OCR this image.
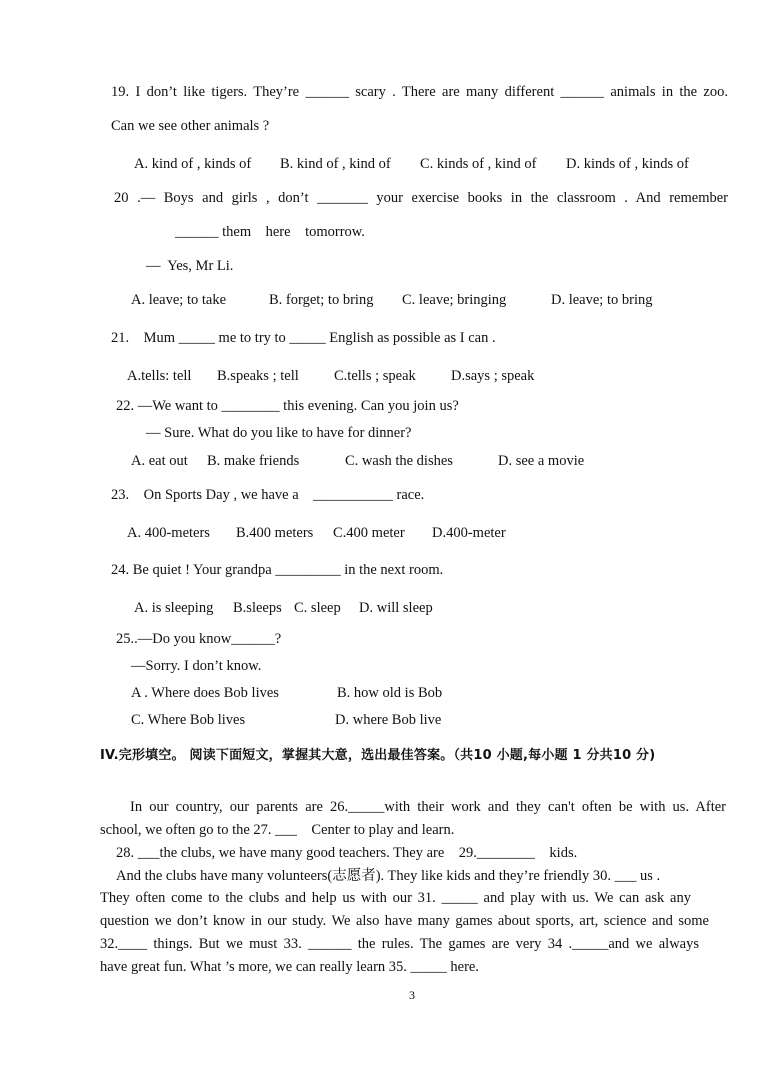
19. I don’t like tigers. They’re ______ scary . There are many different ______ animals in the zoo.
Can we see other animals ?
A. kind of , kinds of B. kind of , kind of C. kinds of , kind of D. kinds of , kinds of
20 .— Boys and girls , don’t _______ your exercise books in the classroom . And remember
______ them    here    tomorrow.
—  Yes, Mr Li.
A. leave; to take	B. forget; to bring C. leave; bringing	D. leave; to bring
21.    Mum _____ me to try to _____ English as possible as I can .
A.tells: tell B.speaks ; tell C.tells ; speak D.says ; speak
22. —We want to ________ this evening. Can you join us?
— Sure. What do you like to have for dinner?
A. eat out B. make friends	C. wash the dishes	D. see a movie
23.    On Sports Day , we have a    ___________ race.
A. 400-meters B.400 meters C.400 meter D.400-meter
24. Be quiet ! Your grandpa _________ in the next room.
A. is sleeping B.sleeps C. sleep D. will sleep
25..—Do you know______?
—Sorry. I don’t know.
A . Where does Bob lives	B. how old is Bob
C. Where Bob lives	D. where Bob live
IV.完形填空。 阅读下面短文，掌握其大意，选出最佳答案。（共10 小题,每小题 1 分共10 分)
In our country, our parents are 26._____with their work and they can't often be with us. After
school, we often go to the 27. ___    Center to play and learn.
28. ___the clubs, we have many good teachers. They are    29.________    kids.
And the clubs have many volunteers(志愿者). They like kids and they’re friendly 30. ___ us .
They often come to the clubs and help us with our 31. _____ and play with us. We can ask any
question we don’t know in our study. We also have many games about sports, art, science and some
32.____ things. But we must 33. ______ the rules. The games are very 34 ._____and we always
have great fun. What ’s more, we can really learn 35. _____ here.
3
